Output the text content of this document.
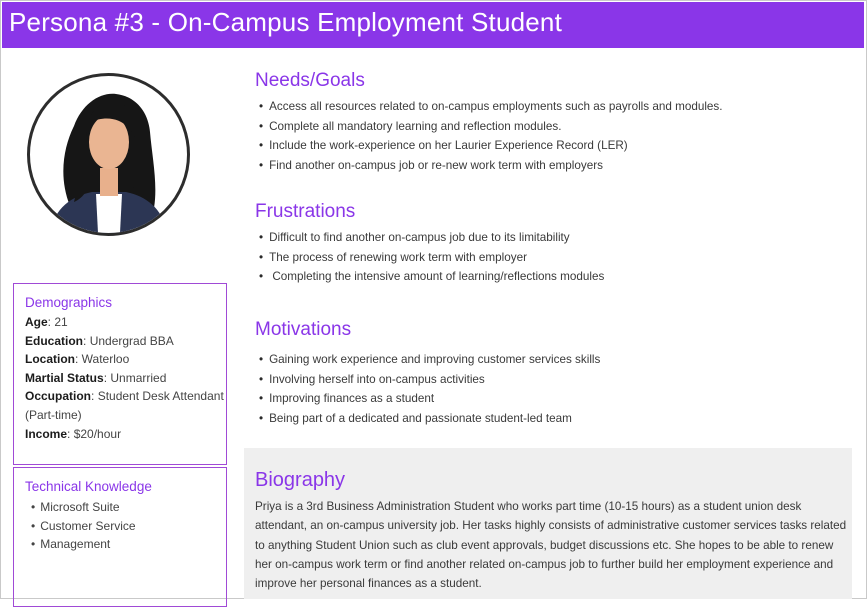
Persona #3 - On-Campus Employment Student
Demographics
Age: 21
Education: Undergrad BBA
Location: Waterloo
Martial Status: Unmarried
Occupation: Student Desk Attendant (Part-time)
Income: $20/hour
Technical Knowledge
• Microsoft Suite
• Customer Service
• Management
Needs/Goals
• Access all resources related to on-campus employments such as payrolls and modules.
• Complete all mandatory learning and reflection modules.
• Include the work-experience on her Laurier Experience Record (LER)
• Find another on-campus job or re-new work term with employers
Frustrations
• Difficult to find another on-campus job due to its limitability
• The process of renewing work term with employer
• Completing the intensive amount of learning/reflections modules
Motivations
• Gaining work experience and improving customer services skills
• Involving herself into on-campus activities
• Improving finances as a student
• Being part of a dedicated and passionate student-led team
Biography
Priya is a 3rd Business Administration Student who works part time (10-15 hours) as a student union desk attendant, an on-campus university job. Her tasks highly consists of administrative customer services tasks related to anything Student Union such as club event approvals, budget discussions etc. She hopes to be able to renew her on-campus work term or find another related on-campus job to further build her employment experience and improve her personal finances as a student.
